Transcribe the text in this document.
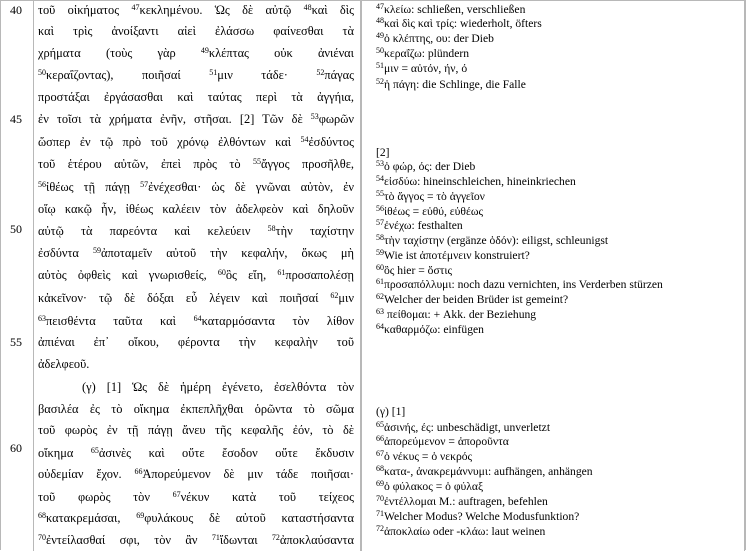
40
45
50
55
60
τοῦ οἰκήματος $^{47}$κεκλημένου. Ὡς δὲ αὐτῷ $^{48}$καὶ δὶς
καὶ τρὶς ἀνοίξαντι αἰεὶ ἐλάσσω φαίνεσθαι τὰ
χρήματα (τοὺς γὰρ $^{49}$κλέπτας οὐκ ἀνιέναι
$^{50}$κεραΐζοντας), ποιῆσαί $^{51}$μιν τάδε· $^{52}$πάγας
προστάξαι ἐργάσασθαι καὶ ταύτας περὶ τὰ ἀγγήια,
ἐν τοῖσι τὰ χρήματα ἐνῆν, στῆσαι. [2] Τῶν δὲ $^{53}$φωρῶν
ὥσπερ ἐν τῷ πρὸ τοῦ χρόνῳ ἐλθόντων καὶ $^{54}$ἐσδύντος
τοῦ ἑτέρου αὐτῶν, ἐπεὶ πρὸς τὸ $^{55}$ἄγγος προσῆλθε,
$^{56}$ἰθέως τῇ πάγῃ $^{57}$ἐνέχεσθαι· ὡς δὲ γνῶναι αὐτὸν, ἐν
οἵῳ κακῷ ἦν, ἰθέως καλέειν τὸν ἀδελφεὸν καὶ δηλοῦν
αὐτῷ τὰ παρεόντα καὶ κελεύειν $^{58}$τὴν ταχίστην
ἐσδύντα $^{59}$ἀποταμεῖν αὐτοῦ τὴν κεφαλήν, ὅκως μὴ
αὐτὸς ὀφθεὶς καὶ γνωρισθείς, $^{60}$ὃς εἴη, $^{61}$προσαπολέσῃ
κἀκεῖνον· τῷ δὲ δόξαι εὖ λέγειν καὶ ποιῆσαί $^{62}$μιν
$^{63}$πεισθέντα ταῦτα καὶ $^{64}$καταρμόσαντα τὸν λίθον
ἀπιέναι ἐπ᾽ οἴκου, φέροντα τὴν κεφαλὴν τοῦ
ἀδελφεοῦ.
(γ) [1] Ὡς δὲ ἡμέρη ἐγένετο, ἐσελθόντα τὸν
βασιλέα ἐς τὸ οἴκημα ἐκπεπλῆχθαι ὁρῶντα τὸ σῶμα
τοῦ φωρὸς ἐν τῇ πάγῃ ἄνευ τῆς κεφαλῆς ἐόν, τὸ δὲ
οἴκημα $^{65}$ἀσινὲς καὶ οὔτε ἔσοδον οὔτε ἔκδυσιν
οὐδεμίαν ἔχον. $^{66}$Ἀπορεύμενον δὲ μιν τάδε ποιῆσαι·
τοῦ φωρὸς τὸν $^{67}$νέκυν κατὰ τοῦ τείχεος
$^{68}$κατακρεμάσαι, $^{69}$φυλάκους δὲ αὐτοῦ καταστήσαντα
$^{70}$ἐντείλασθαί σφι, τὸν ἂν $^{71}$ἴδωνται $^{72}$ἀποκλαύσαντα
$^{47}$κλείω: schließen, verschließen
$^{48}$καὶ δὶς καὶ τρίς: wiederholt, öfters
$^{49}$ὁ κλέπτης, ου: der Dieb
$^{50}$κεραΐζω: plündern
$^{51}$μιν = αὐτόν, ήν, ό
$^{52}$ἡ πάγη: die Schlinge, die Falle
[2]
$^{53}$ὁ φώρ, ός: der Dieb
$^{54}$εἰσδύω: hineinschleichen, hineinkriechen
$^{55}$τὸ ἄγγος = τὸ ἀγγεῖον
$^{56}$ἰθέως = εὐθύ, εὐθέως
$^{57}$ἐνέχω: festhalten
$^{58}$τὴν ταχίστην (ergänze ὁδόν): eiligst, schleunigst
$^{59}$Wie ist ἀποτέμνειν konstruiert?
$^{60}$ὃς hier = ὅστις
$^{61}$προσαπόλλυμι: noch dazu vernichten, ins Verderben stürzen
$^{62}$Welcher der beiden Brüder ist gemeint?
$^{63}$ πείθομαι: + Akk. der Beziehung
$^{64}$καθαρμόζω: einfügen
(γ) [1]
$^{65}$ἀσινής, ές: unbeschädigt, unverletzt
$^{66}$ἀπορεύμενον = ἀποροῦντα
$^{67}$ὁ νέκυς = ὁ νεκρός
$^{68}$κατα-, ἀνακρεμάννυμι: aufhängen, anhängen
$^{69}$ὁ φύλακος = ὁ φύλαξ
$^{70}$ἐντέλλομαι M.: auftragen, befehlen
$^{71}$Welcher Modus? Welche Modusfunktion?
$^{72}$ἀποκλαίω oder -κλάω: laut weinen
